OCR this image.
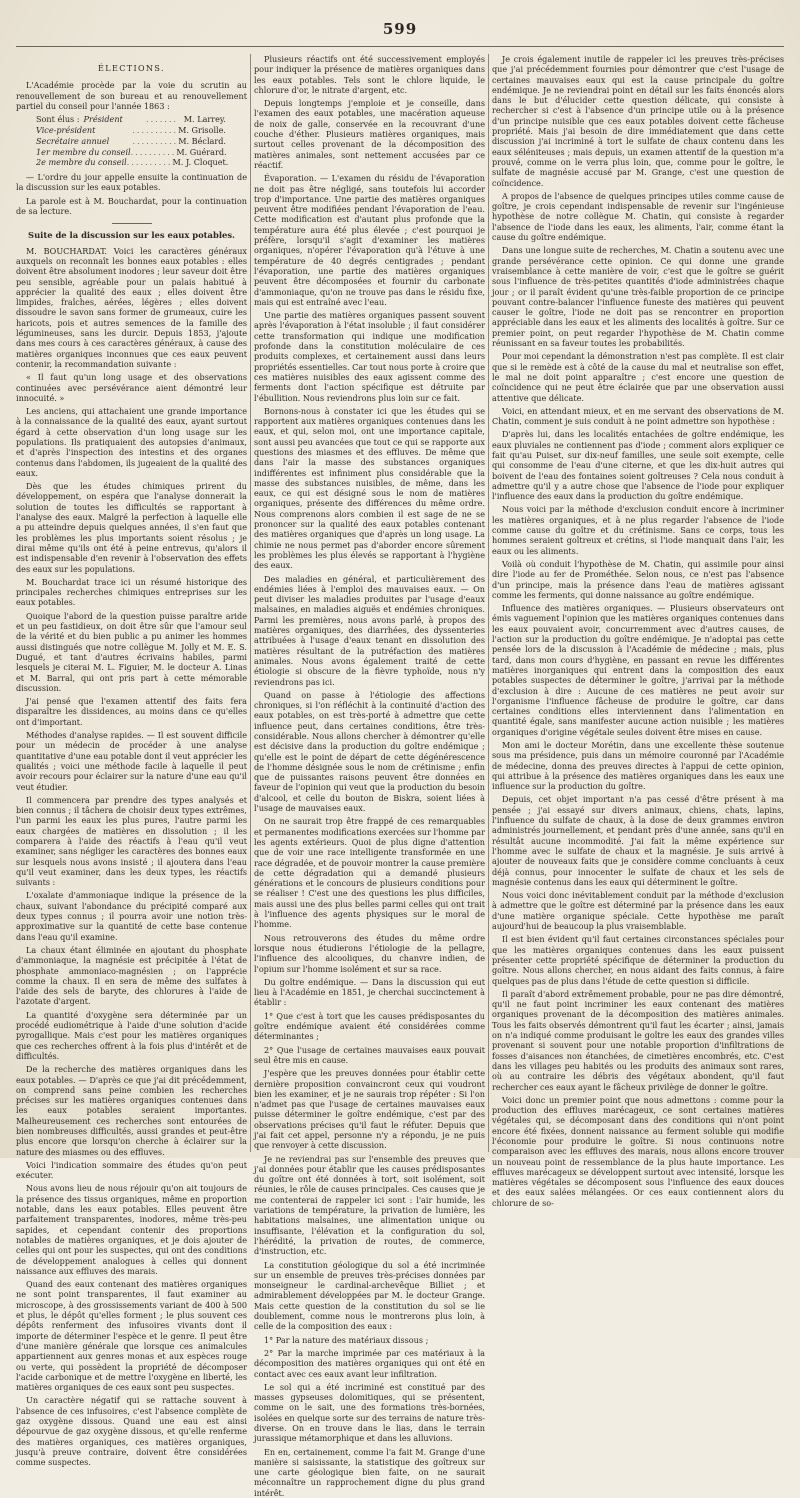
599
ÉLECTIONS.

L'Académie procède par la voie du scrutin au renouvellement de son bureau et au renouvellement partiel du conseil pour l'année 1863 :

Sont élus : Président	....... M. Larrey.
Vice-président	.......... M. Grisolle.
Secrétaire annuel	.......... M. Béclard.
1er membre du conseil .......... M. Guérard.
2e membre du conseil .......... M. J. Cloquet.

— L'ordre du jour appelle ensuite la continuation de la discussion sur les eaux potables.

La parole est à M. Bouchardat, pour la continuation de sa lecture.

Suite de la discussion sur les eaux potables.

M. BOUCHARDAT. Voici les caractères généraux auxquels on reconnaît les bonnes eaux potables : elles doivent être absolument inodores ; leur saveur doit être peu sensible, agréable pour un palais habitué à apprécier la qualité des eaux ; elles doivent être limpides, fraîches, aérées, légères ; elles doivent dissoudre le savon sans former de grumeaux, cuire les haricots, pois et autres semences de la famille des légumineuses, sans les durcir. Depuis 1853, j'ajoute dans mes cours à ces caractères généraux, à cause des matières organiques inconnues que ces eaux peuvent contenir, la recommandation suivante :

« Il faut qu'un long usage et des observations continuées avec persévérance aient démontré leur innocuité. »

Les anciens, qui attachaient une grande importance à la connaissance de la qualité des eaux, ayant surtout égard à cette observation d'un long usage sur les populations. Ils pratiquaient des autopsies d'animaux, et d'après l'inspection des intestins et des organes contenus dans l'abdomen, ils jugeaient de la qualité des eaux.

Dès que les études chimiques prirent du développement, on espéra que l'analyse donnerait la solution de toutes les difficultés se rapportant à l'analyse des eaux. Malgré la perfection à laquelle elle a pu atteindre depuis quelques années, il s'en faut que les problèmes les plus importants soient résolus ; je dirai même qu'ils ont été à peine entrevus, qu'alors il est indispensable d'en revenir à l'observation des effets des eaux sur les populations.

M. Bouchardat trace ici un résumé historique des principales recherches chimiques entreprises sur les eaux potables.

Quoique l'abord de la question puisse paraître aride et un peu fastidieux, on doit être sûr que l'amour seul de la vérité et du bien public a pu animer les hommes aussi distingués que notre collègue M. Jolly et M. E. S. Dugué, et tant d'autres écrivains habiles, parmi lesquels je citerai M. L. Figuier, M. le docteur A. Linas et M. Barral, qui ont pris part à cette mémorable discussion.

J'ai pensé que l'examen attentif des faits fera disparaître les dissidences, au moins dans ce qu'elles ont d'important.

Méthodes d'analyse rapides. — Il est souvent difficile pour un médecin de procéder à une analyse quantitative d'une eau potable dont il veut apprécier les qualités ; voici une méthode facile à laquelle il peut avoir recours pour éclairer sur la nature d'une eau qu'il veut étudier.

Il commencera par prendre des types analysés et bien connus ; il tâchera de choisir deux types extrêmes, l'un parmi les eaux les plus pures, l'autre parmi les eaux chargées de matières en dissolution ; il les comparera à l'aide des réactifs à l'eau qu'il veut examiner, sans négliger les caractères des bonnes eaux sur lesquels nous avons insisté ; il ajoutera dans l'eau qu'il veut examiner, dans les deux types, les réactifs suivants :

L'oxalate d'ammoniaque indique la présence de la chaux, suivant l'abondance du précipité comparé aux deux types connus ; il pourra avoir une notion très-approximative sur la quantité de cette base contenue dans l'eau qu'il examine.

La chaux étant éliminée en ajoutant du phosphate d'ammoniaque, la magnésie est précipitée à l'état de phosphate ammoniaco-magnésien ; on l'apprécie comme la chaux. Il en sera de même des sulfates à l'aide des sels de baryte, des chlorures à l'aide de l'azotate d'argent.

La quantité d'oxygène sera déterminée par un procédé eudiométrique à l'aide d'une solution d'acide pyrogallique. Mais c'est pour les matières organiques que ces recherches offrent à la fois plus d'intérêt et de difficultés.

De la recherche des matières organiques dans les eaux potables. — D'après ce que j'ai dit précédemment, on comprend sans peine combien les recherches précises sur les matières organiques contenues dans les eaux potables seraient importantes. Malheureusement ces recherches sont entourées de bien nombreuses difficultés, aussi grandes et peut-être plus encore que lorsqu'on cherche à éclairer sur la nature des miasmes ou des effluves.

Voici l'indication sommaire des études qu'on peut exécuter.

Nous avons lieu de nous réjouir qu'on ait toujours de la présence des tissus organiques, même en proportion notable, dans les eaux potables. Elles peuvent être parfaitement transparentes, inodores, même très-peu sapides, et cependant contenir des proportions notables de matières organiques, et je dois ajouter de celles qui ont pour les suspectes, qui ont des conditions de développement analogues à celles qui donnent naissance aux effluves des marais.

Quand des eaux contenant des matières organiques ne sont point transparentes, il faut examiner au microscope, à des grossissements variant de 400 à 500 et plus, le dépôt qu'elles forment ; le plus souvent ces dépôts renferment des infusoires vivants dont il importe de déterminer l'espèce et le genre. Il peut être d'une manière générale que lorsque ces animalcules appartiennent aux genres monas et aux espèces rouge ou verte, qui possèdent la propriété de décomposer l'acide carbonique et de mettre l'oxygène en liberté, les matières organiques de ces eaux sont peu suspectes.

Un caractère négatif qui se rattache souvent à l'absence de ces infusoires, c'est l'absence complète de gaz oxygène dissous. Quand une eau est ainsi dépourvue de gaz oxygène dissous, et qu'elle renferme des matières organiques, ces matières organiques, jusqu'à preuve contraire, doivent être considérées comme suspectes.

Plusieurs réactifs ont été successivement employés pour indiquer la présence de matières organiques dans les eaux potables. Tels sont le chlore liquide, le chlorure d'or, le nitrate d'argent, etc.

Depuis longtemps j'emploie et je conseille, dans l'examen des eaux potables, une macération aqueuse de noix de galle, conservée en la recouvrant d'une couche d'éther. Plusieurs matières organiques, mais surtout celles provenant de la décomposition des matières animales, sont nettement accusées par ce réactif.

Évaporation. — L'examen du résidu de l'évaporation ne doit pas être négligé, sans toutefois lui accorder trop d'importance. Une partie des matières organiques peuvent être modifiées pendant l'évaporation de l'eau. Cette modification est d'autant plus profonde que la température aura été plus élevée ; c'est pourquoi je préfère, lorsqu'il s'agit d'examiner les matières organiques, n'opérer l'évaporation qu'à l'étuve à une température de 40 degrés centigrades ; pendant l'évaporation, une partie des matières organiques peuvent être décomposées et fournir du carbonate d'ammoniaque, qu'on ne trouve pas dans le résidu fixe, mais qui est entraîné avec l'eau.

Une partie des matières organiques passent souvent après l'évaporation à l'état insoluble ; il faut considérer cette transformation qui indique une modification profonde dans la constitution moléculaire de ces produits complexes, et certainement aussi dans leurs propriétés essentielles. Car tout nous porte à croire que ces matières nuisibles des eaux agissent comme des ferments dont l'action spécifique est détruite par l'ébullition. Nous reviendrons plus loin sur ce fait.

Bornons-nous à constater ici que les études qui se rapportent aux matières organiques contenues dans les eaux, et qui, selon moi, ont une importance capitale, sont aussi peu avancées que tout ce qui se rapporte aux questions des miasmes et des effluves. De même que dans l'air la masse des substances organiques indifférentes est infiniment plus considérable que la masse des substances nuisibles, de même, dans les eaux, ce qui est désigné sous le nom de matières organiques, présente des différences du même ordre. Nous comprenons alors combien il est sage de ne se prononcer sur la qualité des eaux potables contenant des matières organiques que d'après un long usage. La chimie ne nous permet pas d'aborder encore sûrement les problèmes les plus élevés se rapportant à l'hygiène des eaux.

Des maladies en général, et particulièrement des endémies liées à l'emploi des mauvaises eaux. — On peut diviser les maladies produites par l'usage d'eaux malsaines, en maladies aiguës et endémies chroniques. Parmi les premières, nous avons parlé, à propos des matières organiques, des diarrhées, des dyssenteries attribuées à l'usage d'eaux tenant en dissolution des matières résultant de la putréfaction des matières animales. Nous avons également traité de cette étiologie si obscure de la fièvre typhoïde, nous n'y reviendrons pas ici.

Quand on passe à l'étiologie des affections chroniques, si l'on réfléchit à la continuité d'action des eaux potables, on est très-porté à admettre que cette influence peut, dans certaines conditions, être très-considérable. Nous allons chercher à démontrer qu'elle est décisive dans la production du goître endémique ; qu'elle est le point de départ de cette dégénérescence de l'homme désignée sous le nom de crétinisme ; enfin que de puissantes raisons peuvent être données en faveur de l'opinion qui veut que la production du besoin d'alcool, et celle du bouton de Biskra, soient liées à l'usage de mauvaises eaux.

On ne saurait trop être frappé de ces remarquables et permanentes modifications exercées sur l'homme par les agents extérieurs. Quoi de plus digne d'attention que de voir une race intelligente transformée en une race dégradée, et de pouvoir montrer la cause première de cette dégradation qui a demandé plusieurs générations et le concours de plusieurs conditions pour se réaliser ! C'est une des questions les plus difficiles, mais aussi une des plus belles parmi celles qui ont trait à l'influence des agents physiques sur le moral de l'homme.

Nous retrouverons des études du même ordre lorsque nous étudierons l'étiologie de la pellagre, l'influence des alcooliques, du chanvre indien, de l'opium sur l'homme isolément et sur sa race.

Du goître endémique. — Dans la discussion qui eut lieu à l'Académie en 1851, je cherchai succinctement à établir :

1° Que c'est à tort que les causes prédisposantes du goître endémique avaient été considérées comme déterminantes ;

2° Que l'usage de certaines mauvaises eaux pouvait seul être mis en cause.

J'espère que les preuves données pour établir cette dernière proposition convaincront ceux qui voudront bien les examiner, et je ne saurais trop répéter : Si l'on n'admet pas que l'usage de certaines mauvaises eaux puisse déterminer le goître endémique, c'est par des observations précises qu'il faut le réfuter. Depuis que j'ai fait cet appel, personne n'y a répondu, je ne puis que renvoyer à cette discussion.

Je ne reviendrai pas sur l'ensemble des preuves que j'ai données pour établir que les causes prédisposantes du goître ont été données à tort, soit isolément, soit réunies, le rôle de causes principales. Ces causes que je me contenterai de rappeler ici sont : l'air humide, les variations de température, la privation de lumière, les habitations malsaines, une alimentation unique ou insuffisante, l'élévation et la configuration du sol, l'hérédité, la privation de routes, de commerce, d'instruction, etc.

La constitution géologique du sol a été incriminée sur un ensemble de preuves très-précises données par monseigneur le cardinal-archevêque Billiet ; et admirablement développées par M. le docteur Grange. Mais cette question de la constitution du sol se lie doublement, comme nous le montrerons plus loin, à celle de la composition des eaux :

1° Par la nature des matériaux dissous ;

2° Par la marche imprimée par ces matériaux à la décomposition des matières organiques qui ont été en contact avec ces eaux avant leur infiltration.

Le sol qui a été incriminé est constitué par des masses gypseuses dolomitiques, qui se présentent, comme on le sait, une des formations très-bornées, isolées en quelque sorte sur des terrains de nature très-diverse. On en trouve dans le lias, dans le terrain jurassique métamorphique et dans les alluvions.

En en, certainement, comme l'a fait M. Grange d'une manière si saisissante, la statistique des goîtreux sur une carte géologique bien faite, on ne saurait méconnaître un rapprochement digne du plus grand intérêt.

Je crois également inutile de rappeler ici les preuves très-précises que j'ai précédemment fournies pour démontrer que c'est l'usage de certaines mauvaises eaux qui est la cause principale du goître endémique. Je ne reviendrai point en détail sur les faits énoncés alors dans le but d'élucider cette question délicate, qui consiste à rechercher si c'est à l'absence d'un principe utile ou à la présence d'un principe nuisible que ces eaux potables doivent cette fâcheuse propriété. Mais j'ai besoin de dire immédiatement que dans cette discussion j'ai incriminé à tort le sulfate de chaux contenu dans les eaux séléniteuses ; mais depuis, un examen attentif de la question m'a prouvé, comme on le verra plus loin, que, comme pour le goître, le sulfate de magnésie accusé par M. Grange, c'est une question de coïncidence.

A propos de l'absence de quelques principes utiles comme cause de goître, je crois cependant indispensable de revenir sur l'ingénieuse hypothèse de notre collègue M. Chatin, qui consiste à regarder l'absence de l'iode dans les eaux, les aliments, l'air, comme étant la cause du goître endémique.

Dans une longue suite de recherches, M. Chatin a soutenu avec une grande persévérance cette opinion. Ce qui donne une grande vraisemblance à cette manière de voir, c'est que le goître se guérit sous l'influence de très-petites quantités d'iode administrées chaque jour ; or il paraît évident qu'une très-faible proportion de ce principe pouvant contre-balancer l'influence funeste des matières qui peuvent causer le goître, l'iode ne doit pas se rencontrer en proportion appréciable dans les eaux et les aliments des localités à goître. Sur ce premier point, on peut regarder l'hypothèse de M. Chatin comme réunissant en sa faveur toutes les probabilités.

Pour moi cependant la démonstration n'est pas complète. Il est clair que si le remède est à côté de la cause du mal et neutralise son effet, le mal ne doit point apparaître ; c'est encore une question de coïncidence qui ne peut être éclairée que par une observation aussi attentive que délicate.

Voici, en attendant mieux, et en me servant des observations de M. Chatin, comment je suis conduit à ne point admettre son hypothèse :

D'après lui, dans les localités entachées de goître endémique, les eaux pluviales ne contiennent pas d'iode ; comment alors expliquer ce fait qu'au Puiset, sur dix-neuf familles, une seule soit exempte, celle qui consomme de l'eau d'une citerne, et que les dix-huit autres qui boivent de l'eau des fontaines soient goîtreuses ? Cela nous conduit à admettre qu'il y a autre chose que l'absence de l'iode pour expliquer l'influence des eaux dans la production du goître endémique.

Nous voici par la méthode d'exclusion conduit encore à incriminer les matières organiques, et à ne plus regarder l'absence de l'iode comme cause du goître et du crétinisme. Sans ce corps, tous les hommes seraient goîtreux et crétins, si l'iode manquait dans l'air, les eaux ou les aliments.

Voilà où conduit l'hypothèse de M. Chatin, qui assimile pour ainsi dire l'iode au fer de Prométhée. Selon nous, ce n'est pas l'absence d'un principe, mais la présence dans l'eau de matières agissant comme les ferments, qui donne naissance au goître endémique.

Influence des matières organiques. — Plusieurs observateurs ont émis vaguement l'opinion que les matières organiques contenues dans les eaux pouvaient avoir, concurremment avec d'autres causes, de l'action sur la production du goître endémique. Je n'adoptai pas cette pensée lors de la discussion à l'Académie de médecine ; mais, plus tard, dans mon cours d'hygiène, en passant en revue les différentes matières inorganiques qui entrent dans la composition des eaux potables suspectes de déterminer le goître, j'arrivai par la méthode d'exclusion à dire : Aucune de ces matières ne peut avoir sur l'organisme l'influence fâcheuse de produire le goître, car dans certaines conditions elles interviennent dans l'alimentation en quantité égale, sans manifester aucune action nuisible ; les matières organiques d'origine végétale seules doivent être mises en cause.

Mon ami le docteur Morétin, dans une excellente thèse soutenue sous ma présidence, puis dans un mémoire couronné par l'Académie de médecine, donna des preuves directes à l'appui de cette opinion, qui attribue à la présence des matières organiques dans les eaux une influence sur la production du goître.

Depuis, cet objet important n'a pas cessé d'être présent à ma pensée ; j'ai essayé sur divers animaux, chiens, chats, lapins, l'influence du sulfate de chaux, à la dose de deux grammes environ administrés journellement, et pendant près d'une année, sans qu'il en résultât aucune incommodité. J'ai fait la même expérience sur l'homme avec le sulfate de chaux et la magnésie. Je suis arrivé à ajouter de nouveaux faits que je considère comme concluants à ceux déjà connus, pour innocenter le sulfate de chaux et les sels de magnésie contenus dans les eaux qui déterminent le goître.

Nous voici donc inévitablement conduit par la méthode d'exclusion à admettre que le goître est déterminé par la présence dans les eaux d'une matière organique spéciale. Cette hypothèse me paraît aujourd'hui de beaucoup la plus vraisemblable.

Il est bien évident qu'il faut certaines circonstances spéciales pour que les matières organiques contenues dans les eaux puissent présenter cette propriété spécifique de déterminer la production du goître. Nous allons chercher, en nous aidant des faits connus, à faire quelques pas de plus dans l'étude de cette question si difficile.

Il paraît d'abord extrêmement probable, pour ne pas dire démontré, qu'il ne faut point incriminer les eaux contenant des matières organiques provenant de la décomposition des matières animales. Tous les faits observés démontrent qu'il faut les écarter ; ainsi, jamais on n'a indiqué comme produisant le goître les eaux des grandes villes provenant si souvent pour une notable proportion d'infiltrations de fosses d'aisances non étanchées, de cimetières encombrés, etc. C'est dans les villages peu habités ou les produits des animaux sont rares, où au contraire les débris des végétaux abondent, qu'il faut rechercher ces eaux ayant le fâcheux privilège de donner le goître.

Voici donc un premier point que nous admettons : comme pour la production des effluves marécageux, ce sont certaines matières végétales qui, se décomposant dans des conditions qui n'ont point encore été fixées, donnent naissance au ferment soluble qui modifie l'économie pour produire le goître. Si nous continuons notre comparaison avec les effluves des marais, nous allons encore trouver un nouveau point de ressemblance de la plus haute importance. Les effluves marécageux se développent surtout avec intensité, lorsque les matières végétales se décomposent sous l'influence des eaux douces et des eaux salées mélangées. Or ces eaux contiennent alors du chlorure de so-
